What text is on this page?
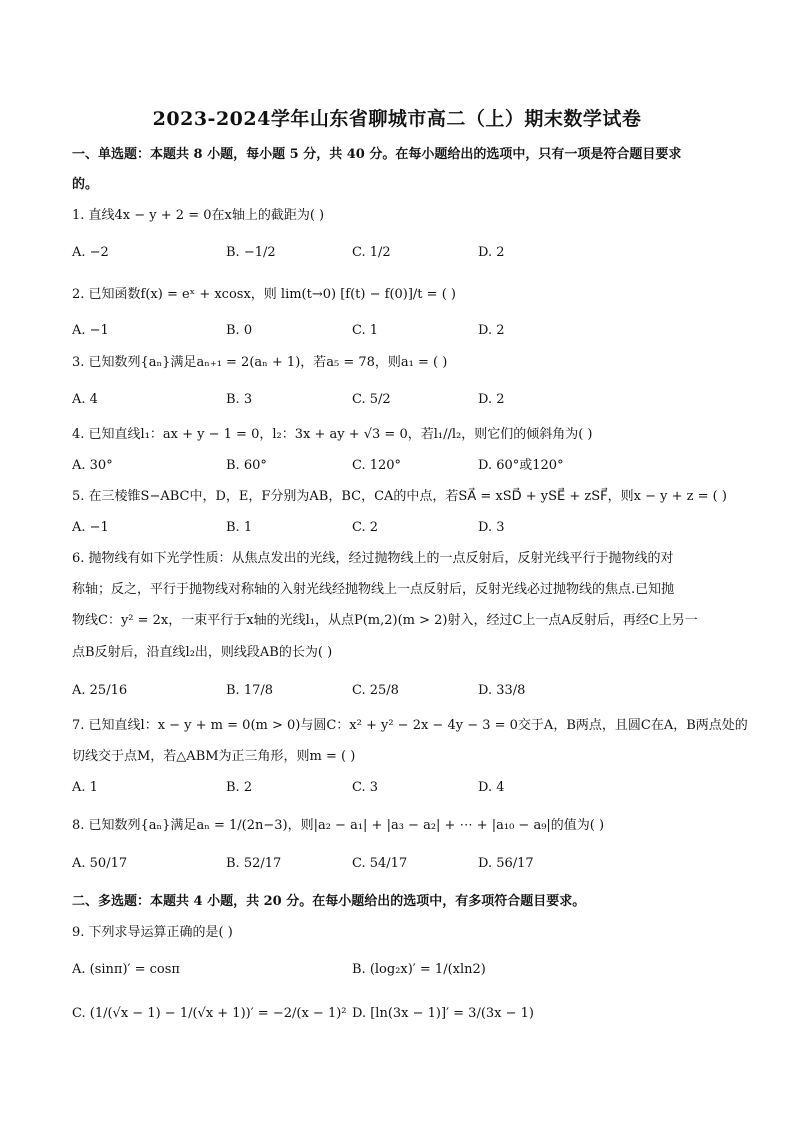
2023-2024学年山东省聊城市高二（上）期末数学试卷
一、单选题：本题共 8 小题，每小题 5 分，共 40 分。在每小题给出的选项中，只有一项是符合题目要求
的。
1. 直线4x − y + 2 = 0在x轴上的截距为( )
A. −2	B. −1/2	C. 1/2	D. 2
2. 已知函数f(x) = eˣ + xcosx，则 lim(t→0) [f(t) − f(0)]/t = ( )
A. −1	B. 0	C. 1	D. 2
3. 已知数列{aₙ}满足aₙ₊₁ = 2(aₙ + 1)，若a₅ = 78，则a₁ = ( )
A. 4	B. 3	C. 5/2	D. 2
4. 已知直线l₁：ax + y − 1 = 0，l₂：3x + ay + √3 = 0，若l₁//l₂，则它们的倾斜角为( )
A. 30°	B. 60°	C. 120°	D. 60°或120°
5. 在三棱锥S−ABC中，D，E，F分别为AB，BC，CA的中点，若SA⃗ = xSD⃗ + ySE⃗ + zSF⃗，则x − y + z = ( )
A. −1	B. 1	C. 2	D. 3
6. 抛物线有如下光学性质：从焦点发出的光线，经过抛物线上的一点反射后，反射光线平行于抛物线的对
称轴；反之，平行于抛物线对称轴的入射光线经抛物线上一点反射后，反射光线必过抛物线的焦点.已知抛
物线C：y² = 2x，一束平行于x轴的光线l₁，从点P(m,2)(m > 2)射入，经过C上一点A反射后，再经C上另一
点B反射后，沿直线l₂出，则线段AB的长为( )
A. 25/16	B. 17/8	C. 25/8	D. 33/8
7. 已知直线l：x − y + m = 0(m > 0)与圆C：x² + y² − 2x − 4y − 3 = 0交于A，B两点，且圆C在A，B两点处的
切线交于点M，若△ABM为正三角形，则m = ( )
A. 1	B. 2	C. 3	D. 4
8. 已知数列{aₙ}满足aₙ = 1/(2n−3)，则|a₂ − a₁| + |a₃ − a₂| + ⋯ + |a₁₀ − a₉|的值为( )
A. 50/17	B. 52/17	C. 54/17	D. 56/17
二、多选题：本题共 4 小题，共 20 分。在每小题给出的选项中，有多项符合题目要求。
9. 下列求导运算正确的是( )
A. (sinπ)′ = cosπ	B. (log₂x)′ = 1/(xln2)
C. (1/(√x − 1) − 1/(√x + 1))′ = −2/(x − 1)² D. [ln(3x − 1)]′ = 3/(3x − 1)
